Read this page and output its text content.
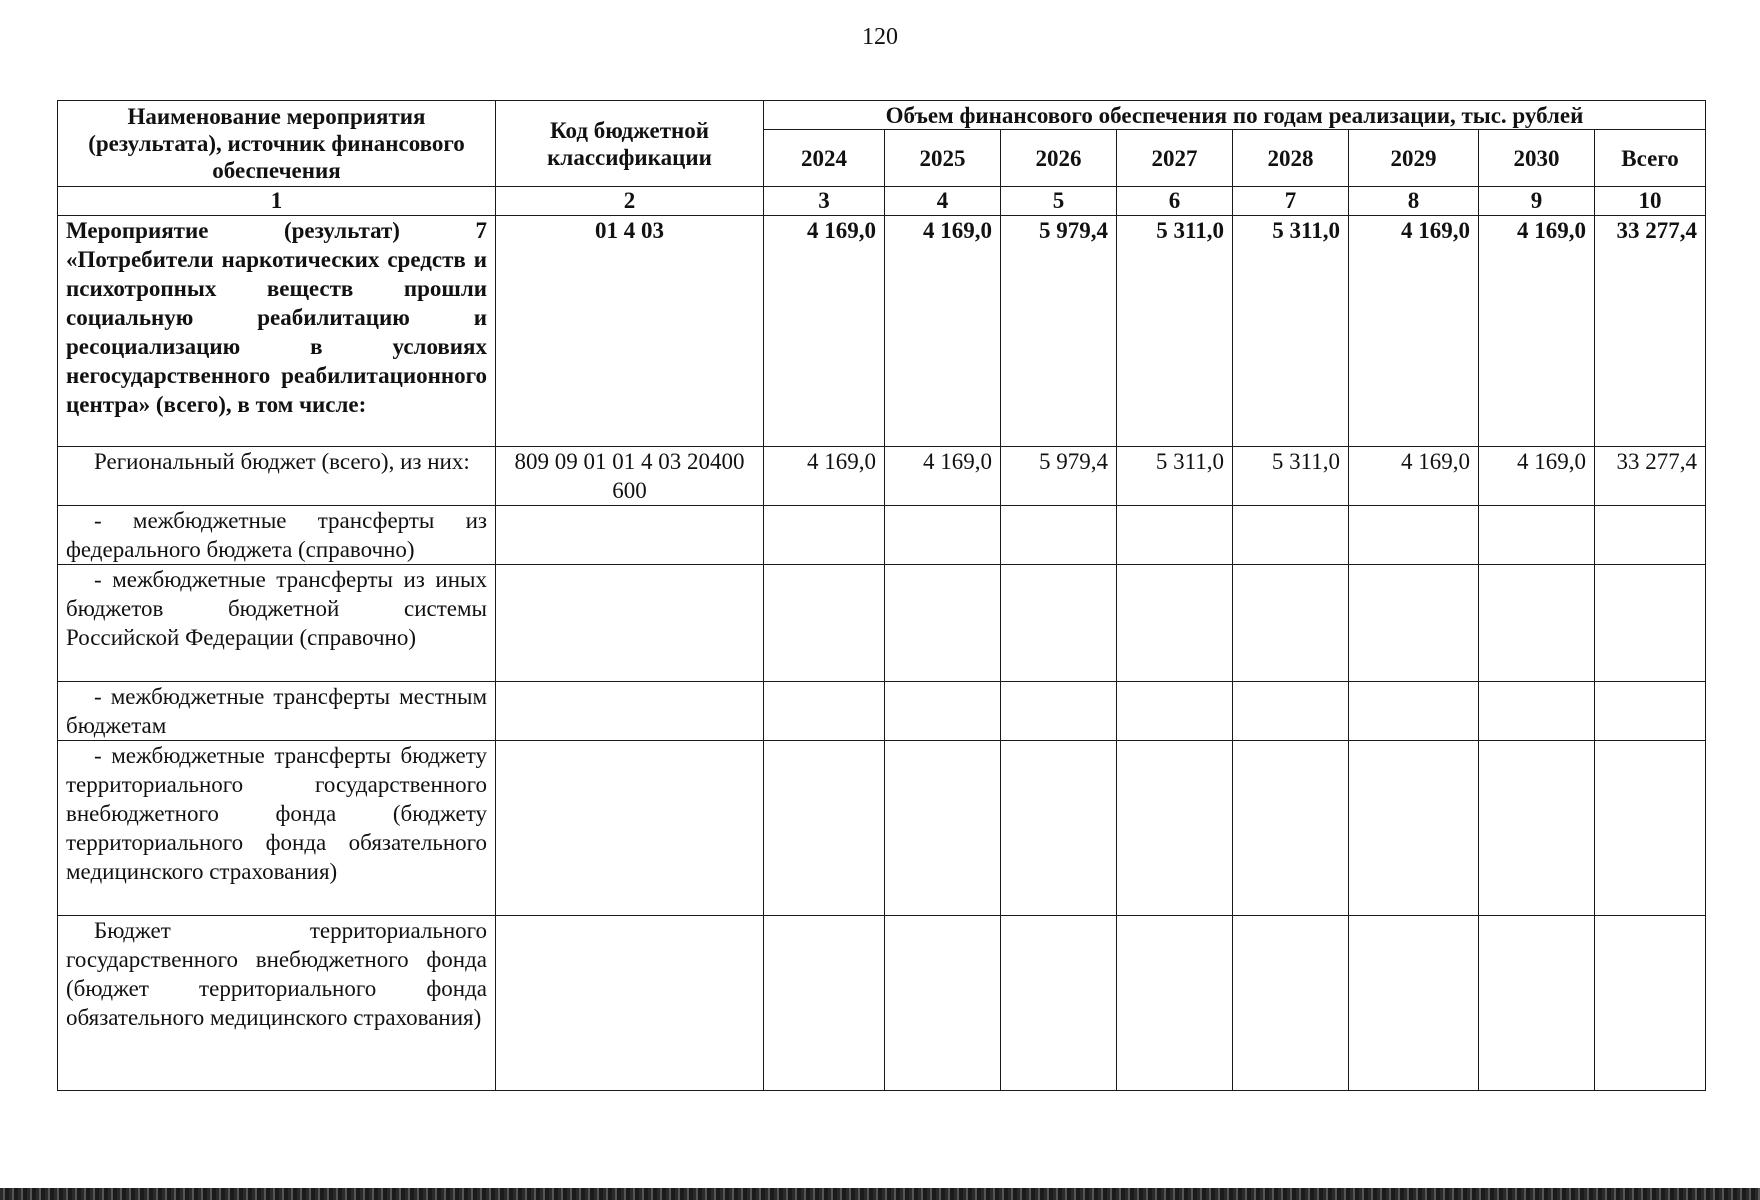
120
Наименование мероприятия (результата), источник финансового обеспечения	Код бюджетной классификации	Объем финансового обеспечения по годам реализации, тыс. рублей							
		2024	2025	2026	2027	2028	2029	2030	Всего
1	2	3	4	5	6	7	8	9	10
Мероприятие (результат) 7 «Потребители наркотических средств и психотропных веществ прошли социальную реабилитацию и ресоциализацию в условиях негосударственного реабилитационного центра» (всего), в том числе:	01 4 03	4 169,0	4 169,0	5 979,4	5 311,0	5 311,0	4 169,0	4 169,0	33 277,4
Региональный бюджет (всего), из них:	809 09 01 01 4 03 20400 600	4 169,0	4 169,0	5 979,4	5 311,0	5 311,0	4 169,0	4 169,0	33 277,4
- межбюджетные трансферты из федерального бюджета (справочно)									
- межбюджетные трансферты из иных бюджетов бюджетной системы Российской Федерации (справочно)									
- межбюджетные трансферты местным бюджетам									
- межбюджетные трансферты бюджету территориального государственного внебюджетного фонда (бюджету территориального фонда обязательного медицинского страхования)									
Бюджет территориального государственного внебюджетного фонда (бюджет территориального фонда обязательного медицинского страхования)									
